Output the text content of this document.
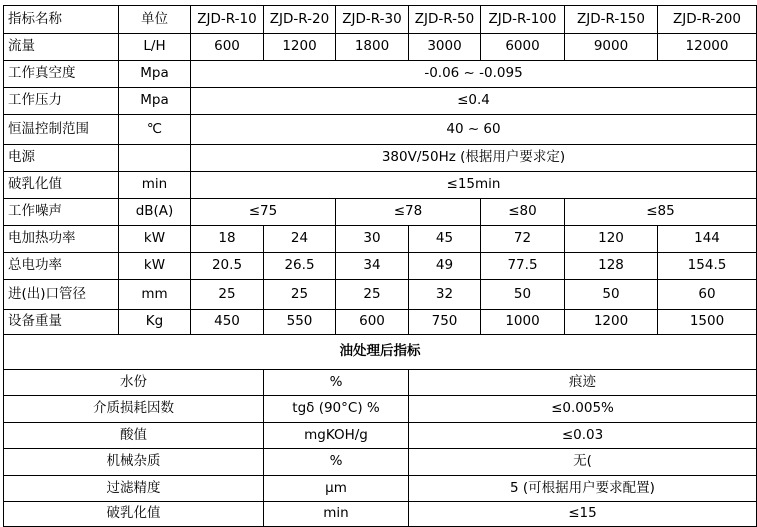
指标名称	单位	ZJD-R-10	ZJD-R-20	ZJD-R-30	ZJD-R-50	ZJD-R-100	ZJD-R-150	ZJD-R-200
流量	L/H	600	1200	1800	3000	6000	9000	12000
工作真空度	Mpa	-0.06 ~ -0.095						
工作压力	Mpa	≤0.4						
恒温控制范围	℃	40 ~ 60						
电源		380V/50Hz (根据用户要求定)						
破乳化值	min	≤15min						
工作噪声	dB(A)	≤75		≤78		≤80	≤85	
电加热功率	kW	18	24	30	45	72	120	144
总电功率	kW	20.5	26.5	34	49	77.5	128	154.5
进(出)口管径	mm	25	25	25	32	50	50	60
设备重量	Kg	450	550	600	750	1000	1200	1500
油处理后指标								
水份			%		痕迹			
介质损耗因数			tgδ (90°C) %		≤0.005%			
酸值			mgKOH/g		≤0.03			
机械杂质			%		无(			
过滤精度			μm		5 (可根据用户要求配置)			
破乳化值			min		≤15			
